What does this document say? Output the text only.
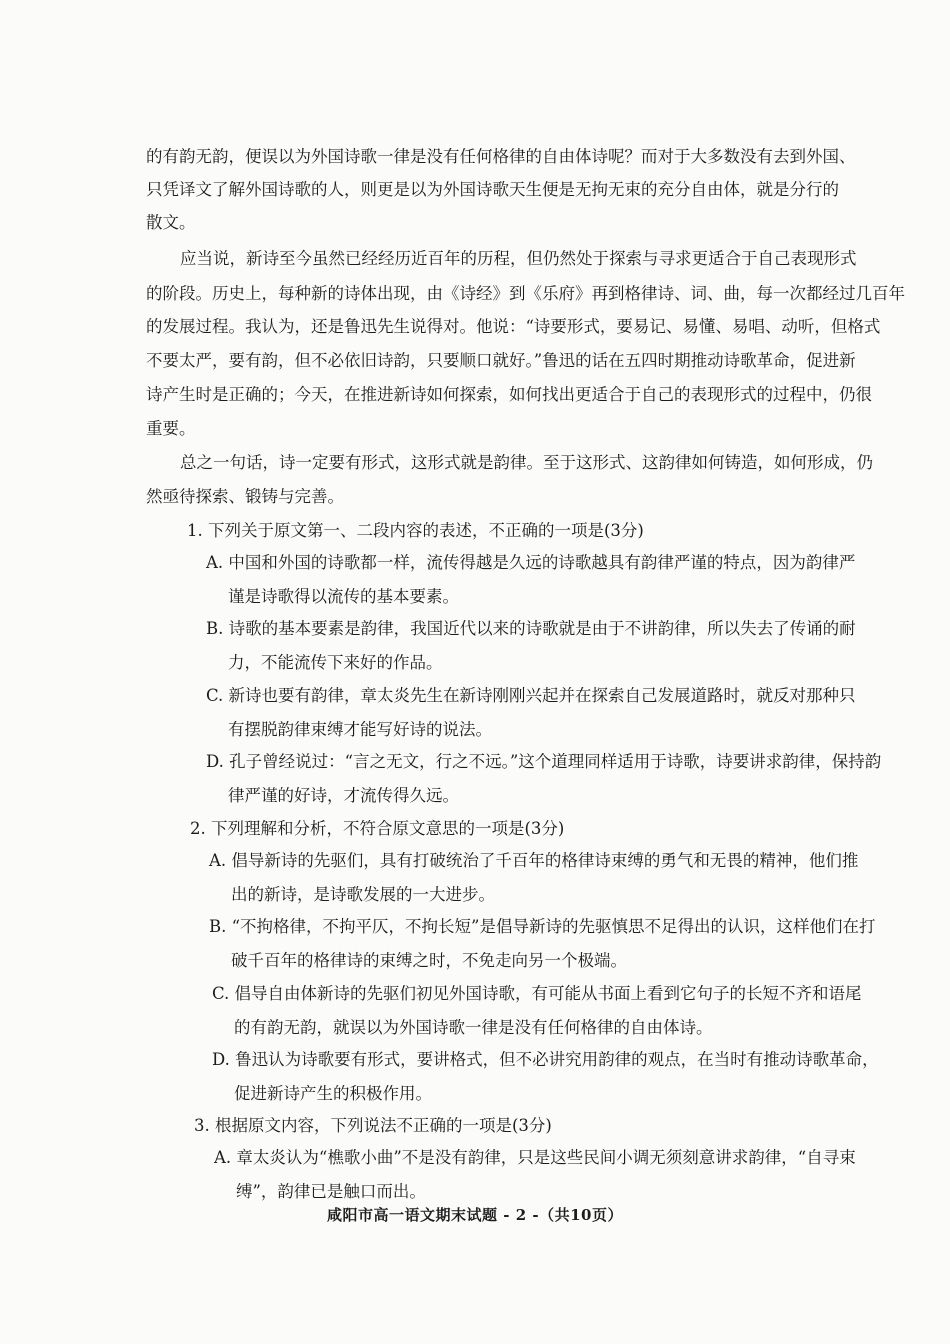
的有韵无韵，便误以为外国诗歌一律是没有任何格律的自由体诗呢？而对于大多数没有去到外国、
只凭译文了解外国诗歌的人，则更是以为外国诗歌天生便是无拘无束的充分自由体，就是分行的
散文。
应当说，新诗至今虽然已经经历近百年的历程，但仍然处于探索与寻求更适合于自己表现形式
的阶段。历史上，每种新的诗体出现，由《诗经》到《乐府》再到格律诗、词、曲，每一次都经过几百年
的发展过程。我认为，还是鲁迅先生说得对。他说：“诗要形式，要易记、易懂、易唱、动听，但格式
不要太严，要有韵，但不必依旧诗韵，只要顺口就好。”鲁迅的话在五四时期推动诗歌革命，促进新
诗产生时是正确的；今天，在推进新诗如何探索，如何找出更适合于自己的表现形式的过程中，仍很
重要。
总之一句话，诗一定要有形式，这形式就是韵律。至于这形式、这韵律如何铸造，如何形成，仍
然亟待探索、锻铸与完善。
1. 下列关于原文第一、二段内容的表述，不正确的一项是(3分)
A. 中国和外国的诗歌都一样，流传得越是久远的诗歌越具有韵律严谨的特点，因为韵律严
谨是诗歌得以流传的基本要素。
B. 诗歌的基本要素是韵律，我国近代以来的诗歌就是由于不讲韵律，所以失去了传诵的耐
力，不能流传下来好的作品。
C. 新诗也要有韵律，章太炎先生在新诗刚刚兴起并在探索自己发展道路时，就反对那种只
有摆脱韵律束缚才能写好诗的说法。
D. 孔子曾经说过：“言之无文，行之不远。”这个道理同样适用于诗歌，诗要讲求韵律，保持韵
律严谨的好诗，才流传得久远。
2. 下列理解和分析，不符合原文意思的一项是(3分)
A. 倡导新诗的先驱们，具有打破统治了千百年的格律诗束缚的勇气和无畏的精神，他们推
出的新诗，是诗歌发展的一大进步。
B. “不拘格律，不拘平仄，不拘长短”是倡导新诗的先驱慎思不足得出的认识，这样他们在打
破千百年的格律诗的束缚之时，不免走向另一个极端。
C. 倡导自由体新诗的先驱们初见外国诗歌，有可能从书面上看到它句子的长短不齐和语尾
的有韵无韵，就误以为外国诗歌一律是没有任何格律的自由体诗。
D. 鲁迅认为诗歌要有形式，要讲格式，但不必讲究用韵律的观点，在当时有推动诗歌革命，
促进新诗产生的积极作用。
3. 根据原文内容，下列说法不正确的一项是(3分)
A. 章太炎认为“樵歌小曲”不是没有韵律，只是这些民间小调无须刻意讲求韵律，“自寻束
缚”，韵律已是触口而出。
咸阳市高一语文期末试题 - 2 -（共10页）
